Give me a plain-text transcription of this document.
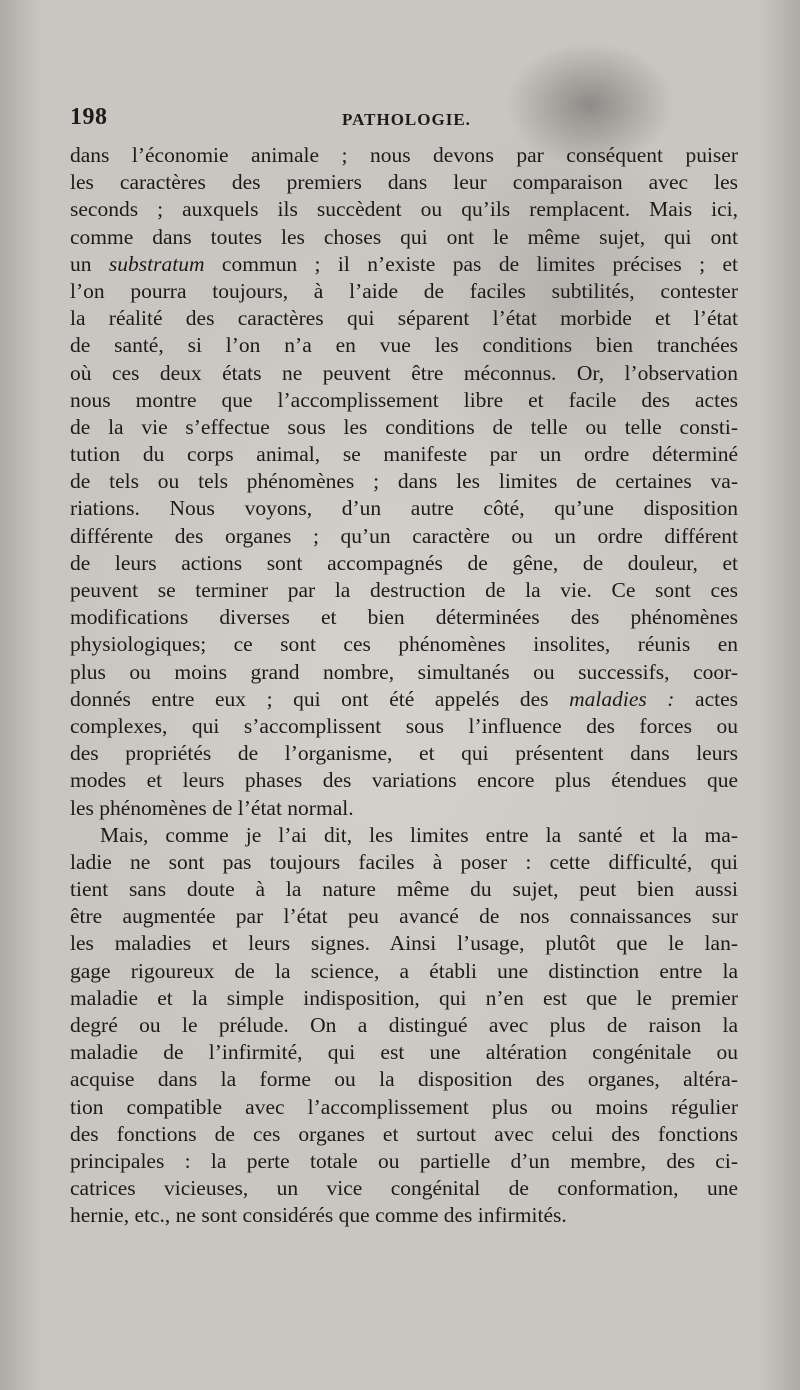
198	PATHOLOGIE.
dans l’économie animale ; nous devons par conséquent puiser
les caractères des premiers dans leur comparaison avec les
seconds ; auxquels ils succèdent ou qu’ils remplacent. Mais ici,
comme dans toutes les choses qui ont le même sujet, qui ont
un substratum commun ; il n’existe pas de limites précises ; et
l’on pourra toujours, à l’aide de faciles subtilités, contester
la réalité des caractères qui séparent l’état morbide et l’état
de santé, si l’on n’a en vue les conditions bien tranchées
où ces deux états ne peuvent être méconnus. Or, l’observation
nous montre que l’accomplissement libre et facile des actes
de la vie s’effectue sous les conditions de telle ou telle consti-
tution du corps animal, se manifeste par un ordre déterminé
de tels ou tels phénomènes ; dans les limites de certaines va-
riations. Nous voyons, d’un autre côté, qu’une disposition
différente des organes ; qu’un caractère ou un ordre différent
de leurs actions sont accompagnés de gêne, de douleur, et
peuvent se terminer par la destruction de la vie. Ce sont ces
modifications diverses et bien déterminées des phénomènes
physiologiques; ce sont ces phénomènes insolites, réunis en
plus ou moins grand nombre, simultanés ou successifs, coor-
donnés entre eux ; qui ont été appelés des maladies : actes
complexes, qui s’accomplissent sous l’influence des forces ou
des propriétés de l’organisme, et qui présentent dans leurs
modes et leurs phases des variations encore plus étendues que
les phénomènes de l’état normal.
Mais, comme je l’ai dit, les limites entre la santé et la ma-
ladie ne sont pas toujours faciles à poser : cette difficulté, qui
tient sans doute à la nature même du sujet, peut bien aussi
être augmentée par l’état peu avancé de nos connaissances sur
les maladies et leurs signes. Ainsi l’usage, plutôt que le lan-
gage rigoureux de la science, a établi une distinction entre la
maladie et la simple indisposition, qui n’en est que le premier
degré ou le prélude. On a distingué avec plus de raison la
maladie de l’infirmité, qui est une altération congénitale ou
acquise dans la forme ou la disposition des organes, altéra-
tion compatible avec l’accomplissement plus ou moins régulier
des fonctions de ces organes et surtout avec celui des fonctions
principales : la perte totale ou partielle d’un membre, des ci-
catrices vicieuses, un vice congénital de conformation, une
hernie, etc., ne sont considérés que comme des infirmités.
